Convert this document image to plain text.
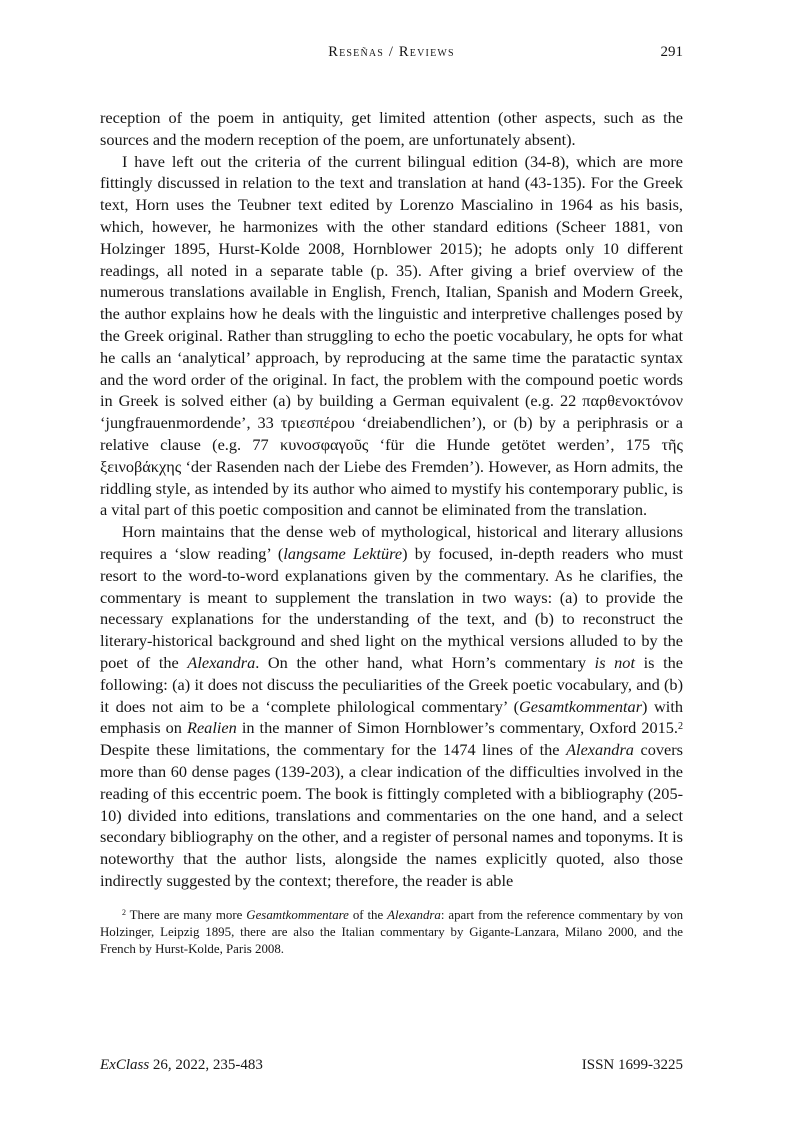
Reseñas / Reviews	291

reception of the poem in antiquity, get limited attention (other aspects, such as the sources and the modern reception of the poem, are unfortunately absent).

I have left out the criteria of the current bilingual edition (34-8), which are more fittingly discussed in relation to the text and translation at hand (43-135). For the Greek text, Horn uses the Teubner text edited by Lorenzo Mascialino in 1964 as his basis, which, however, he harmonizes with the other standard editions (Scheer 1881, von Holzinger 1895, Hurst-Kolde 2008, Hornblower 2015); he adopts only 10 different readings, all noted in a separate table (p. 35). After giving a brief overview of the numerous translations available in English, French, Italian, Spanish and Modern Greek, the author explains how he deals with the linguistic and interpretive challenges posed by the Greek original. Rather than struggling to echo the poetic vocabulary, he opts for what he calls an ‘analytical’ approach, by reproducing at the same time the paratactic syntax and the word order of the original. In fact, the problem with the compound poetic words in Greek is solved either (a) by building a German equivalent (e.g. 22 παρθενοκτόνον ‘jungfrauenmordende’, 33 τριεσπέρου ‘dreiabendlichen’), or (b) by a periphrasis or a relative clause (e.g. 77 κυνοσφαγοῦς ‘für die Hunde getötet werden’, 175 τῆς ξεινοβάκχης ‘der Rasenden nach der Liebe des Fremden’). However, as Horn admits, the riddling style, as intended by its author who aimed to mystify his contemporary public, is a vital part of this poetic composition and cannot be eliminated from the translation.

Horn maintains that the dense web of mythological, historical and literary allusions requires a ‘slow reading’ (langsame Lektüre) by focused, in-depth readers who must resort to the word-to-word explanations given by the commentary. As he clarifies, the commentary is meant to supplement the translation in two ways: (a) to provide the necessary explanations for the understanding of the text, and (b) to reconstruct the literary-historical background and shed light on the mythical versions alluded to by the poet of the Alexandra. On the other hand, what Horn’s commentary is not is the following: (a) it does not discuss the peculiarities of the Greek poetic vocabulary, and (b) it does not aim to be a ‘complete philological commentary’ (Gesamtkommentar) with emphasis on Realien in the manner of Simon Hornblower’s commentary, Oxford 2015.$^2$ Despite these limitations, the commentary for the 1474 lines of the Alexandra covers more than 60 dense pages (139-203), a clear indication of the difficulties involved in the reading of this eccentric poem. The book is fittingly completed with a bibliography (205-10) divided into editions, translations and commentaries on the one hand, and a select secondary bibliography on the other, and a register of personal names and toponyms. It is noteworthy that the author lists, alongside the names explicitly quoted, also those indirectly suggested by the context; therefore, the reader is able

$^2$ There are many more Gesamtkommentare of the Alexandra: apart from the reference commentary by von Holzinger, Leipzig 1895, there are also the Italian commentary by Gigante-Lanzara, Milano 2000, and the French by Hurst-Kolde, Paris 2008.

ExClass 26, 2022, 235-483	ISSN 1699-3225
